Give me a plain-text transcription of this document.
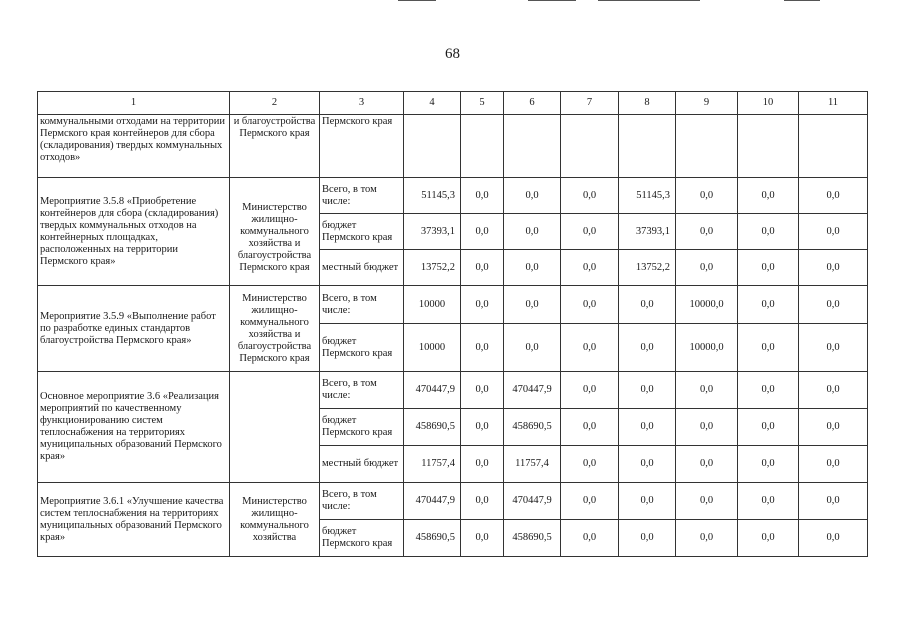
68
1	2	3	4	5	6	7	8	9	10	11
коммунальными отходами на территории Пермского края контейнеров для сбора (складирования) твердых коммунальных отходов»	и благоустройства Пермского края	Пермского края								
Мероприятие 3.5.8 «Приобретение контейнеров для сбора (складирования) твердых коммунальных отходов на контейнерных площадках, расположенных на территории Пермского края»	Министерство жилищно-коммунального хозяйства и благоустройства Пермского края	Всего, в том числе:	51145,3	0,0	0,0	0,0	51145,3	0,0	0,0	0,0
		бюджет Пермского края	37393,1	0,0	0,0	0,0	37393,1	0,0	0,0	0,0
		местный бюджет	13752,2	0,0	0,0	0,0	13752,2	0,0	0,0	0,0
Мероприятие 3.5.9 «Выполнение работ по разработке единых стандартов благоустройства Пермского края»	Министерство жилищно-коммунального хозяйства и благоустройства Пермского края	Всего, в том числе:	10000	0,0	0,0	0,0	0,0	10000,0	0,0	0,0
		бюджет Пермского края	10000	0,0	0,0	0,0	0,0	10000,0	0,0	0,0
Основное мероприятие 3.6 «Реализация мероприятий по качественному функционированию систем теплоснабжения на территориях муниципальных образований Пермского края»		Всего, в том числе:	470447,9	0,0	470447,9	0,0	0,0	0,0	0,0	0,0
		бюджет Пермского края	458690,5	0,0	458690,5	0,0	0,0	0,0	0,0	0,0
		местный бюджет	11757,4	0,0	11757,4	0,0	0,0	0,0	0,0	0,0
Мероприятие 3.6.1 «Улучшение качества систем теплоснабжения на территориях муниципальных образований Пермского края»	Министерство жилищно-коммунального хозяйства	Всего, в том числе:	470447,9	0,0	470447,9	0,0	0,0	0,0	0,0	0,0
		бюджет Пермского края	458690,5	0,0	458690,5	0,0	0,0	0,0	0,0	0,0
